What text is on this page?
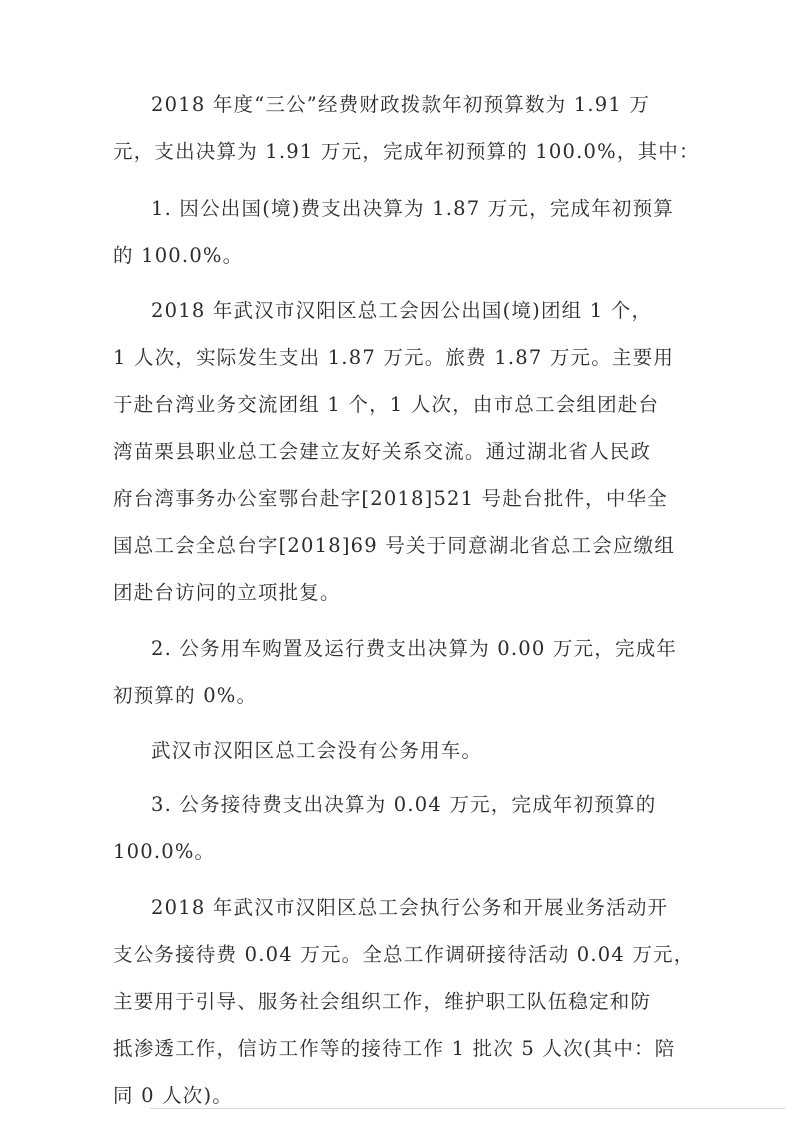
2018 年度“三公”经费财政拨款年初预算数为 1.91 万
元，支出决算为 1.91 万元，完成年初预算的 100.0%，其中：
1. 因公出国(境)费支出决算为 1.87 万元，完成年初预算
的 100.0%。
2018 年武汉市汉阳区总工会因公出国(境)团组 1 个，
1 人次，实际发生支出 1.87 万元。旅费 1.87 万元。主要用
于赴台湾业务交流团组 1 个，1 人次，由市总工会组团赴台
湾苗栗县职业总工会建立友好关系交流。通过湖北省人民政
府台湾事务办公室鄂台赴字[2018]521 号赴台批件，中华全
国总工会全总台字[2018]69 号关于同意湖北省总工会应缴组
团赴台访问的立项批复。
2. 公务用车购置及运行费支出决算为 0.00 万元，完成年
初预算的 0%。
武汉市汉阳区总工会没有公务用车。
3. 公务接待费支出决算为 0.04 万元，完成年初预算的
100.0%。
2018 年武汉市汉阳区总工会执行公务和开展业务活动开
支公务接待费 0.04 万元。全总工作调研接待活动 0.04 万元，
主要用于引导、服务社会组织工作，维护职工队伍稳定和防
抵渗透工作，信访工作等的接待工作 1 批次 5 人次(其中：陪
同 0 人次)。
